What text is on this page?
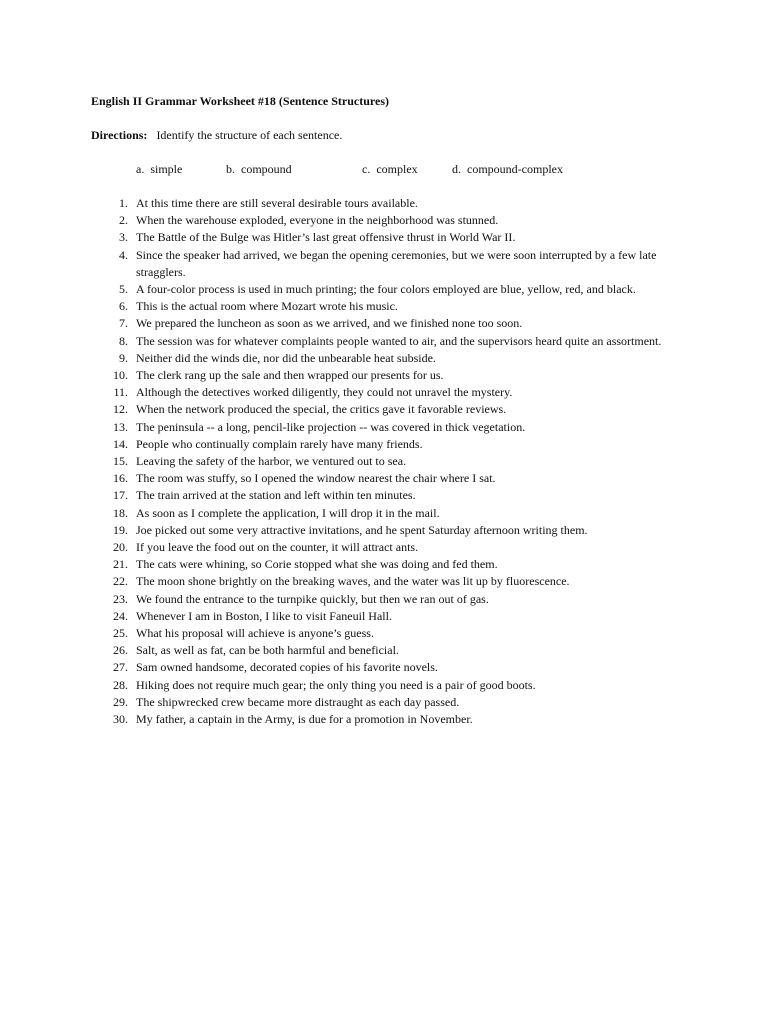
English II Grammar Worksheet #18 (Sentence Structures)
Directions: Identify the structure of each sentence.
a. simple	b. compound	c. complex	d. compound-complex
1. At this time there are still several desirable tours available.
2. When the warehouse exploded, everyone in the neighborhood was stunned.
3. The Battle of the Bulge was Hitler’s last great offensive thrust in World War II.
4. Since the speaker had arrived, we began the opening ceremonies, but we were soon interrupted by a few late stragglers.
5. A four-color process is used in much printing; the four colors employed are blue, yellow, red, and black.
6. This is the actual room where Mozart wrote his music.
7. We prepared the luncheon as soon as we arrived, and we finished none too soon.
8. The session was for whatever complaints people wanted to air, and the supervisors heard quite an assortment.
9. Neither did the winds die, nor did the unbearable heat subside.
10. The clerk rang up the sale and then wrapped our presents for us.
11. Although the detectives worked diligently, they could not unravel the mystery.
12. When the network produced the special, the critics gave it favorable reviews.
13. The peninsula -- a long, pencil-like projection -- was covered in thick vegetation.
14. People who continually complain rarely have many friends.
15. Leaving the safety of the harbor, we ventured out to sea.
16. The room was stuffy, so I opened the window nearest the chair where I sat.
17. The train arrived at the station and left within ten minutes.
18. As soon as I complete the application, I will drop it in the mail.
19. Joe picked out some very attractive invitations, and he spent Saturday afternoon writing them.
20. If you leave the food out on the counter, it will attract ants.
21. The cats were whining, so Corie stopped what she was doing and fed them.
22. The moon shone brightly on the breaking waves, and the water was lit up by fluorescence.
23. We found the entrance to the turnpike quickly, but then we ran out of gas.
24. Whenever I am in Boston, I like to visit Faneuil Hall.
25. What his proposal will achieve is anyone’s guess.
26. Salt, as well as fat, can be both harmful and beneficial.
27. Sam owned handsome, decorated copies of his favorite novels.
28. Hiking does not require much gear; the only thing you need is a pair of good boots.
29. The shipwrecked crew became more distraught as each day passed.
30. My father, a captain in the Army, is due for a promotion in November.
